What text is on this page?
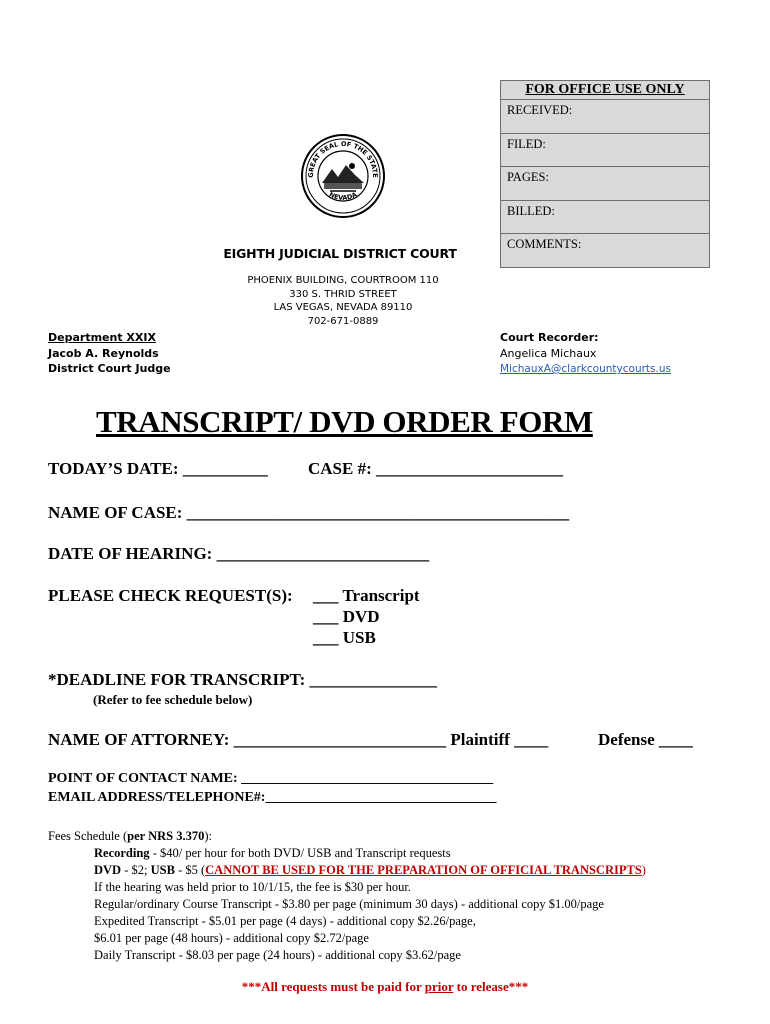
FOR OFFICE USE ONLY
RECEIVED:
FILED:
PAGES:
BILLED:
COMMENTS:
GREAT SEAL OF THE STATE
NEVADA
EIGHTH JUDICIAL DISTRICT COURT
PHOENIX BUILDING, COURTROOM 110
330 S. THRID STREET
LAS VEGAS, NEVADA 89110
702-671-0889
Department XXIX
Jacob A. Reynolds
District Court Judge
Court Recorder:
Angelica Michaux
MichauxA@clarkcountycourts.us
TRANSCRIPT/ DVD ORDER FORM
TODAY’S DATE: __________ CASE #: ______________________
NAME OF CASE: _____________________________________________
DATE OF HEARING: _________________________
PLEASE CHECK REQUEST(S): ___ Transcript
___ DVD
___ USB
*DEADLINE FOR TRANSCRIPT: _______________
(Refer to fee schedule below)
NAME OF ATTORNEY: _________________________ Plaintiff ____	Defense ____
POINT OF CONTACT NAME: ____________________________________
EMAIL ADDRESS/TELEPHONE#:_________________________________
Fees Schedule (per NRS 3.370):
Recording - $40/ per hour for both DVD/ USB and Transcript requests
DVD - $2; USB - $5 (CANNOT BE USED FOR THE PREPARATION OF OFFICIAL TRANSCRIPTS)
If the hearing was held prior to 10/1/15, the fee is $30 per hour.
Regular/ordinary Course Transcript - $3.80 per page (minimum 30 days) - additional copy $1.00/page
Expedited Transcript - $5.01 per page (4 days) - additional copy $2.26/page,
$6.01 per page (48 hours) - additional copy $2.72/page
Daily Transcript - $8.03 per page (24 hours) - additional copy $3.62/page
***All requests must be paid for prior to release***
